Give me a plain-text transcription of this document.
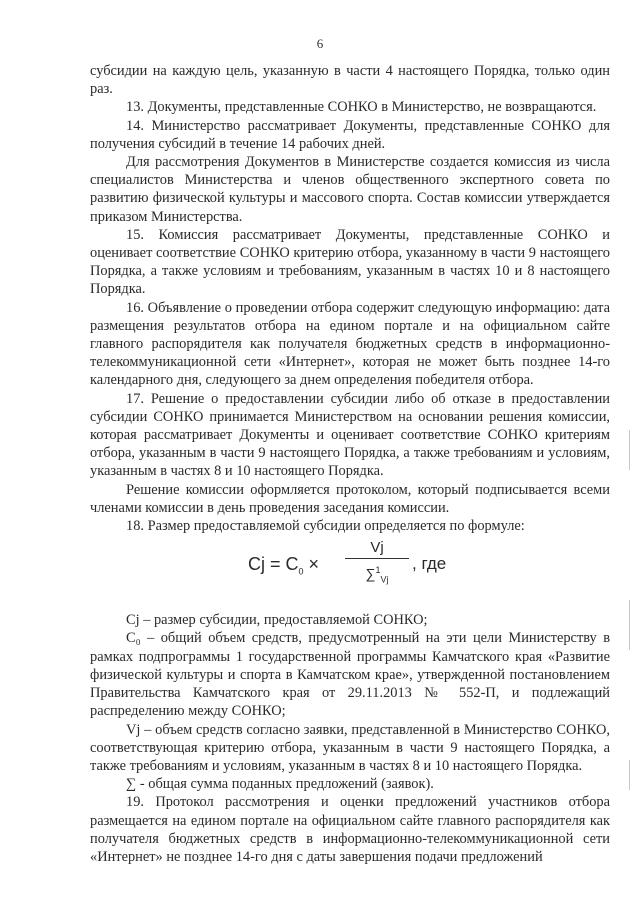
6

субсидии на каждую цель, указанную в части 4 настоящего Порядка, только один раз.

13. Документы, представленные СОНКО в Министерство, не возвращаются.

14. Министерство рассматривает Документы, представленные СОНКО для получения субсидий в течение 14 рабочих дней.

Для рассмотрения Документов в Министерстве создается комиссия из числа специалистов Министерства и членов общественного экспертного совета по развитию физической культуры и массового спорта. Состав комиссии утверждается приказом Министерства.

15. Комиссия рассматривает Документы, представленные СОНКО и оценивает соответствие СОНКО критерию отбора, указанному в части 9 настоящего Порядка, а также условиям и требованиям, указанным в частях 10 и 8 настоящего Порядка.

16. Объявление о проведении отбора содержит следующую информацию: дата размещения результатов отбора на едином портале и на официальном сайте главного распорядителя как получателя бюджетных средств в информационно-телекоммуникационной сети «Интернет», которая не может быть позднее 14-го календарного дня, следующего за днем определения победителя отбора.

17. Решение о предоставлении субсидии либо об отказе в предоставлении субсидии СОНКО принимается Министерством на основании решения комиссии, которая рассматривает Документы и оценивает соответствие СОНКО критериям отбора, указанным в части 9 настоящего Порядка, а также требованиям и условиям, указанным в частях 8 и 10 настоящего Порядка.

Решение комиссии оформляется протоколом, который подписывается всеми членами комиссии в день проведения заседания комиссии.

18. Размер предоставляемой субсидии определяется по формуле:

$Cj = C_0$ ×
Vj
∑$^1_{Vj}$
, где

Cj – размер субсидии, предоставляемой СОНКО;

C₀ – общий объем средств, предусмотренный на эти цели Министерству в рамках подпрограммы 1 государственной программы Камчатского края «Развитие физической культуры и спорта в Камчатском крае», утвержденной постановлением Правительства Камчатского края от 29.11.2013 № 552-П, и подлежащий распределению между СОНКО;

Vj – объем средств согласно заявки, представленной в Министерство СОНКО, соответствующая критерию отбора, указанным в части 9 настоящего Порядка, а также требованиям и условиям, указанным в частях 8 и 10 настоящего Порядка.

∑ - общая сумма поданных предложений (заявок).

19. Протокол рассмотрения и оценки предложений участников отбора размещается на едином портале на официальном сайте главного распорядителя как получателя бюджетных средств в информационно-телекоммуникационной сети «Интернет» не позднее 14-го дня с даты завершения подачи предложений
